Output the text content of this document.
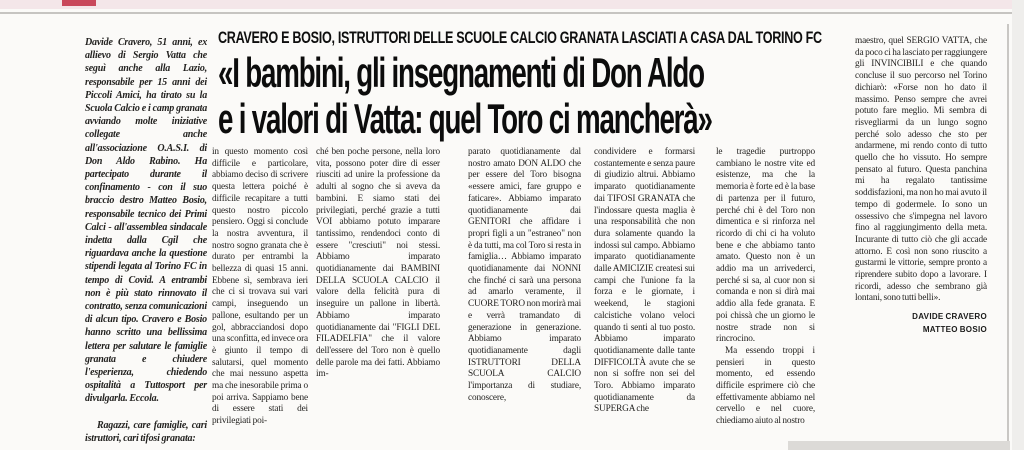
Davide Cravero, 51 anni, ex allievo di Sergio Vatta che seguì anche alla Lazio, responsabile per 15 anni dei Piccoli Amici, ha tirato su la Scuola Calcio e i camp granata avviando molte iniziative collegate anche all'associazione O.A.S.I. di Don Aldo Rabino. Ha partecipato durante il confinamento - con il suo braccio destro Matteo Bosio, responsabile tecnico dei Primi Calci - all'assemblea sindacale indetta dalla Cgil che riguardava anche la questione stipendi legata al Torino FC in tempo di Covid. A entrambi non è più stato rinnovato il contratto, senza comunicazioni di alcun tipo. Cravero e Bosio hanno scritto una bellissima lettera per salutare le famiglie granata e chiudere l'esperienza, chiedendo ospitalità a Tuttosport per divulgarla. Eccola.

Ragazzi, care famiglie, cari istruttori, cari tifosi granata:

CRAVERO E BOSIO, ISTRUTTORI DELLE SCUOLE CALCIO GRANATA LASCIATI A CASA DAL TORINO FC
«I bambini, gli insegnamenti di Don Aldo
e i valori di Vatta: quel Toro ci mancherà»
in questo momento così difficile e particolare, abbiamo deciso di scrivere questa lettera poiché è difficile recapitare a tutti questo nostro piccolo pensiero. Oggi si conclude la nostra avventura, il nostro sogno granata che è durato per entrambi la bellezza di quasi 15 anni. Ebbene sì, sembrava ieri che ci si trovava sui vari campi, inseguendo un pallone, esultando per un gol, abbracciandosi dopo una sconfitta, ed invece ora è giunto il tempo di salutarsi, quel momento che mai nessuno aspetta ma che inesorabile prima o poi arriva. Sappiamo bene di essere stati dei privilegiati poi-
ché ben poche persone, nella loro vita, possono poter dire di esser riusciti ad unire la professione da adulti al sogno che si aveva da bambini. E siamo stati dei privilegiati, perché grazie a tutti VOI abbiamo potuto imparare tantissimo, rendendoci conto di essere "cresciuti" noi stessi. Abbiamo imparato quotidianamente dai BAMBINI DELLA SCUOLA CALCIO il valore della felicità pura di inseguire un pallone in libertà. Abbiamo imparato quotidianamente dai "FIGLI DEL FILADELFIA" che il valore dell'essere del Toro non è quello delle parole ma dei fatti. Abbiamo im-
parato quotidianamente dal nostro amato DON ALDO che per essere del Toro bisogna «essere amici, fare gruppo e faticare». Abbiamo imparato quotidianamente dai GENITORI che affidare i propri figli a un "estraneo" non è da tutti, ma col Toro si resta in famiglia… Abbiamo imparato quotidianamente dai NONNI che finché ci sarà una persona ad amarlo veramente, il CUORE TORO non morirà mai e verrà tramandato di generazione in generazione. Abbiamo imparato quotidianamente dagli ISTRUTTORI DELLA SCUOLA CALCIO l'importanza di studiare, conoscere,
condividere e formarsi costantemente e senza paure di giudizio altrui. Abbiamo imparato quotidianamente dai TIFOSI GRANATA che l'indossare questa maglia è una responsabilità che non dura solamente quando la indossi sul campo. Abbiamo imparato quotidianamente dalle AMICIZIE createsi sui campi che l'unione fa la forza e le giornate, i weekend, le stagioni calcistiche volano veloci quando ti senti al tuo posto. Abbiamo imparato quotidianamente dalle tante DIFFICOLTÀ avute che se non si soffre non sei del Toro. Abbiamo imparato quotidianamente da SUPERGA che

le tragedie purtroppo cambiano le nostre vite ed esistenze, ma che la memoria è forte ed è la base di partenza per il futuro, perché chi è del Toro non dimentica e si rinforza nel ricordo di chi ci ha voluto bene e che abbiamo tanto amato. Questo non è un addio ma un arrivederci, perché si sa, al cuor non si comanda e non si dirà mai addio alla fede granata. E poi chissà che un giorno le nostre strade non si rincrocino.

Ma essendo troppi i pensieri in questo momento, ed essendo difficile esprimere ciò che effettivamente abbiamo nel cervello e nel cuore, chiediamo aiuto al nostro

maestro, quel SERGIO VATTA, che da poco ci ha lasciato per raggiungere gli INVINCIBILI e che quando concluse il suo percorso nel Torino dichiarò: «Forse non ho dato il massimo. Penso sempre che avrei potuto fare meglio. Mi sembra di risvegliarmi da un lungo sogno perché solo adesso che sto per andarmene, mi rendo conto di tutto quello che ho vissuto. Ho sempre pensato al futuro. Questa panchina mi ha regalato tantissime soddisfazioni, ma non ho mai avuto il tempo di godermele. Io sono un ossessivo che s'impegna nel lavoro fino al raggiungimento della meta. Incurante di tutto ciò che gli accade attorno. E così non sono riuscito a gustarmi le vittorie, sempre pronto a riprendere subito dopo a lavorare. I ricordi, adesso che sembrano già lontani, sono tutti belli».

DAVIDE CRAVERO
MATTEO BOSIO
